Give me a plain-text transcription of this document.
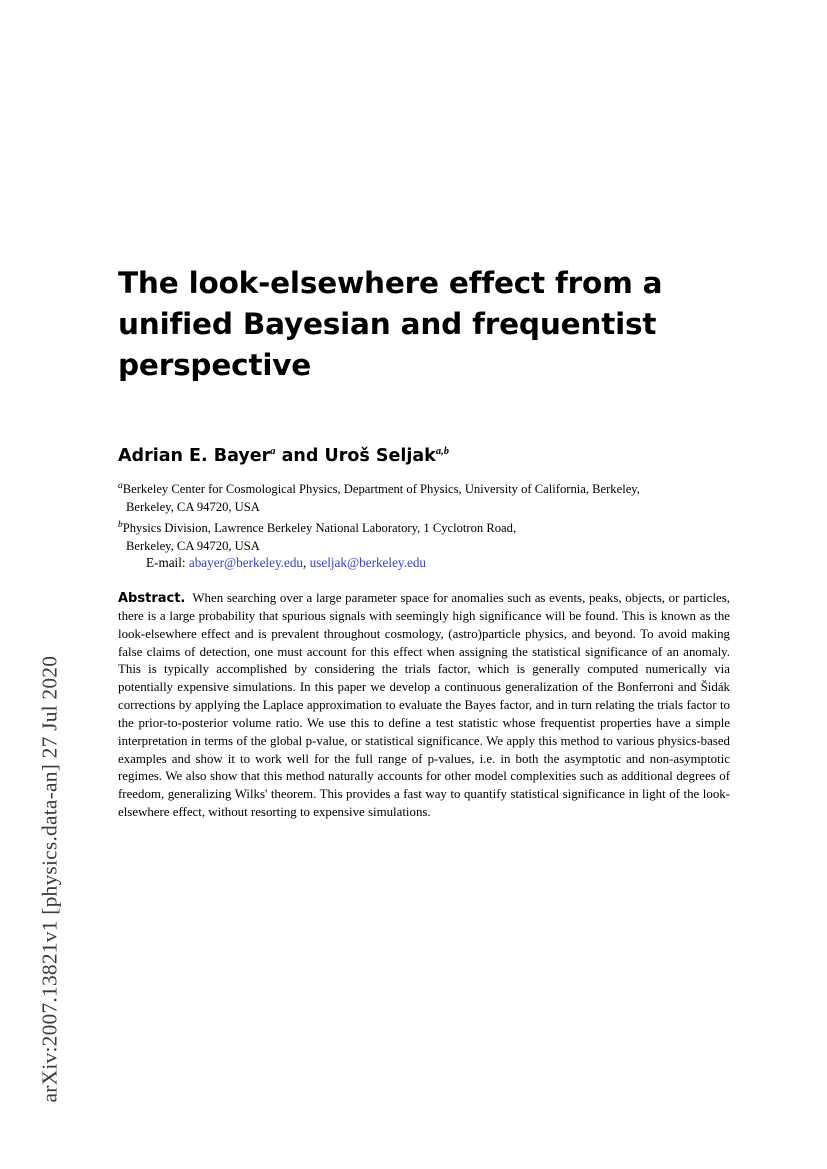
arXiv:2007.13821v1 [physics.data-an] 27 Jul 2020
The look-elsewhere effect from a unified Bayesian and frequentist perspective
Adrian E. Bayer$^a$ and Uroš Seljak$^{a,b}$
$^a$Berkeley Center for Cosmological Physics, Department of Physics, University of California, Berkeley,
Berkeley, CA 94720, USA
$^b$Physics Division, Lawrence Berkeley National Laboratory, 1 Cyclotron Road,
Berkeley, CA 94720, USA
E-mail: abayer@berkeley.edu, useljak@berkeley.edu
Abstract. When searching over a large parameter space for anomalies such as events, peaks, objects, or particles, there is a large probability that spurious signals with seemingly high significance will be found. This is known as the look-elsewhere effect and is prevalent throughout cosmology, (astro)particle physics, and beyond. To avoid making false claims of detection, one must account for this effect when assigning the statistical significance of an anomaly. This is typically accomplished by considering the trials factor, which is generally computed numerically via potentially expensive simulations. In this paper we develop a continuous generalization of the Bonferroni and Šidák corrections by applying the Laplace approximation to evaluate the Bayes factor, and in turn relating the trials factor to the prior-to-posterior volume ratio. We use this to define a test statistic whose frequentist properties have a simple interpretation in terms of the global p-value, or statistical significance. We apply this method to various physics-based examples and show it to work well for the full range of p-values, i.e. in both the asymptotic and non-asymptotic regimes. We also show that this method naturally accounts for other model complexities such as additional degrees of freedom, generalizing Wilks' theorem. This provides a fast way to quantify statistical significance in light of the look-elsewhere effect, without resorting to expensive simulations.
